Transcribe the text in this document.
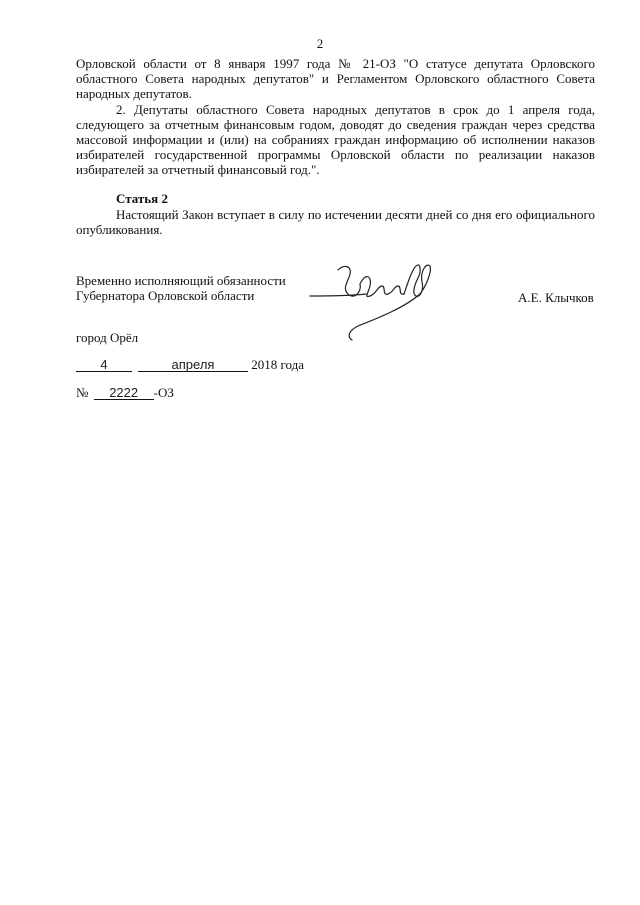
2

Орловской области от 8 января 1997 года № 21-ОЗ "О статусе депутата Орловского областного Совета народных депутатов" и Регламентом Орловского областного Совета народных депутатов.

2. Депутаты областного Совета народных депутатов в срок до 1 апреля года, следующего за отчетным финансовым годом, доводят до сведения граждан через средства массовой информации и (или) на собраниях граждан информацию об исполнении наказов избирателей государственной программы Орловской области по реализации наказов избирателей за отчетный финансовый год.".

Статья 2

Настоящий Закон вступает в силу по истечении десяти дней со дня его официального опубликования.

Временно исполняющий обязанности
Губернатора Орловской области	А.Е. Клычков
город Орёл
4	апреля	2018 года
№ 2222 -ОЗ
